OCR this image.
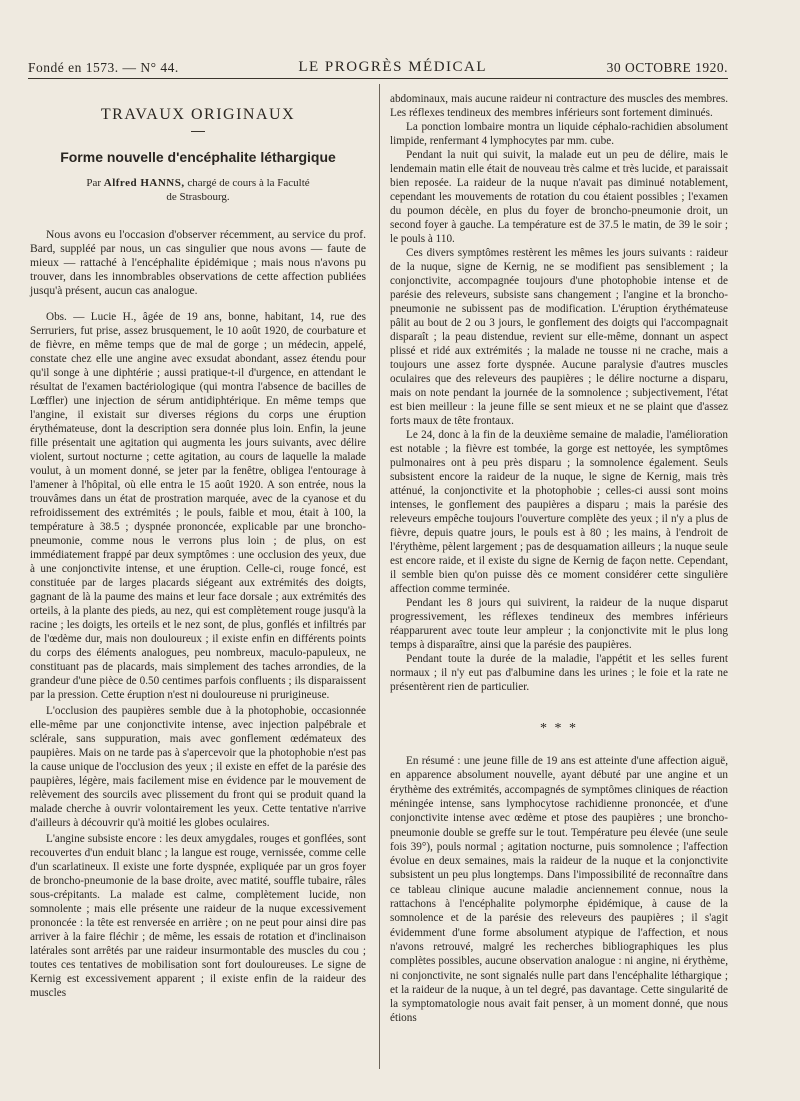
Fondé en 1573. — N° 44.	LE PROGRÈS MÉDICAL	30 OCTOBRE 1920.
TRAVAUX ORIGINAUX
Forme nouvelle d'encéphalite léthargique
Par Alfred HANNS, chargé de cours à la Faculté
de Strasbourg.

Nous avons eu l'occasion d'observer récemment, au service du prof. Bard, suppléé par nous, un cas singulier que nous avons — faute de mieux — rattaché à l'encéphalite épidémique ; mais nous n'avons pu trouver, dans les innombrables observations de cette affection publiées jusqu'à présent, aucun cas analogue.

Obs. — Lucie H., âgée de 19 ans, bonne, habitant, 14, rue des Serruriers, fut prise, assez brusquement, le 10 août 1920, de courbature et de fièvre, en même temps que de mal de gorge ; un médecin, appelé, constate chez elle une angine avec exsudat abondant, assez étendu pour qu'il songe à une diphtérie ; aussi pratique-t-il d'urgence, en attendant le résultat de l'examen bactériologique (qui montra l'absence de bacilles de Lœffler) une injection de sérum antidiphtérique. En même temps que l'angine, il existait sur diverses régions du corps une éruption érythémateuse, dont la description sera donnée plus loin. Enfin, la jeune fille présentait une agitation qui augmenta les jours suivants, avec délire violent, surtout nocturne ; cette agitation, au cours de laquelle la malade voulut, à un moment donné, se jeter par la fenêtre, obligea l'entourage à l'amener à l'hôpital, où elle entra le 15 août 1920. A son entrée, nous la trouvâmes dans un état de prostration marquée, avec de la cyanose et du refroidissement des extrémités ; le pouls, faible et mou, était à 100, la température à 38.5 ; dyspnée prononcée, explicable par une broncho-pneumonie, comme nous le verrons plus loin ; de plus, on est immédiatement frappé par deux symptômes : une occlusion des yeux, due à une conjonctivite intense, et une éruption. Celle-ci, rouge foncé, est constituée par de larges placards siégeant aux extrémités des doigts, gagnant de là la paume des mains et leur face dorsale ; aux extrémités des orteils, à la plante des pieds, au nez, qui est complètement rouge jusqu'à la racine ; les doigts, les orteils et le nez sont, de plus, gonflés et infiltrés par de l'œdème dur, mais non douloureux ; il existe enfin en différents points du corps des éléments analogues, peu nombreux, maculo-papuleux, ne constituant pas de placards, mais simplement des taches arrondies, de la grandeur d'une pièce de 0.50 centimes parfois confluents ; ils disparaissent par la pression. Cette éruption n'est ni douloureuse ni prurigineuse.

L'occlusion des paupières semble due à la photophobie, occasionnée elle-même par une conjonctivite intense, avec injection palpébrale et sclérale, sans suppuration, mais avec gonflement œdémateux des paupières. Mais on ne tarde pas à s'apercevoir que la photophobie n'est pas la cause unique de l'occlusion des yeux ; il existe en effet de la parésie des paupières, légère, mais facilement mise en évidence par le mouvement de relèvement des sourcils avec plissement du front qui se produit quand la malade cherche à ouvrir volontairement les yeux. Cette tentative n'arrive d'ailleurs à découvrir qu'à moitié les globes oculaires.

L'angine subsiste encore : les deux amygdales, rouges et gonflées, sont recouvertes d'un enduit blanc ; la langue est rouge, vernissée, comme celle d'un scarlatineux. Il existe une forte dyspnée, expliquée par un gros foyer de broncho-pneumonie de la base droite, avec matité, souffle tubaire, râles sous-crépitants. La malade est calme, complètement lucide, non somnolente ; mais elle présente une raideur de la nuque excessivement prononcée : la tête est renversée en arrière ; on ne peut pour ainsi dire pas arriver à la faire fléchir ; de même, les essais de rotation et d'inclinaison latérales sont arrêtés par une raideur insurmontable des muscles du cou ; toutes ces tentatives de mobilisation sont fort douloureuses. Le signe de Kernig est excessivement apparent ; il existe enfin de la raideur des muscles

abdominaux, mais aucune raideur ni contracture des muscles des membres. Les réflexes tendineux des membres inférieurs sont fortement diminués.

La ponction lombaire montra un liquide céphalo-rachidien absolument limpide, renfermant 4 lymphocytes par mm. cube.

Pendant la nuit qui suivit, la malade eut un peu de délire, mais le lendemain matin elle était de nouveau très calme et très lucide, et paraissait bien reposée. La raideur de la nuque n'avait pas diminué notablement, cependant les mouvements de rotation du cou étaient possibles ; l'examen du poumon décèle, en plus du foyer de broncho-pneumonie droit, un second foyer à gauche. La température est de 37.5 le matin, de 39 le soir ; le pouls à 110.

Ces divers symptômes restèrent les mêmes les jours suivants : raideur de la nuque, signe de Kernig, ne se modifient pas sensiblement ; la conjonctivite, accompagnée toujours d'une photophobie intense et de parésie des releveurs, subsiste sans changement ; l'angine et la broncho-pneumonie ne subissent pas de modification. L'éruption érythémateuse pâlit au bout de 2 ou 3 jours, le gonflement des doigts qui l'accompagnait disparaît ; la peau distendue, revient sur elle-même, donnant un aspect plissé et ridé aux extrémités ; la malade ne tousse ni ne crache, mais a toujours une assez forte dyspnée. Aucune paralysie d'autres muscles oculaires que des releveurs des paupières ; le délire nocturne a disparu, mais on note pendant la journée de la somnolence ; subjectivement, l'état est bien meilleur : la jeune fille se sent mieux et ne se plaint que d'assez forts maux de tête frontaux.

Le 24, donc à la fin de la deuxième semaine de maladie, l'amélioration est notable ; la fièvre est tombée, la gorge est nettoyée, les symptômes pulmonaires ont à peu près disparu ; la somnolence également. Seuls subsistent encore la raideur de la nuque, le signe de Kernig, mais très atténué, la conjonctivite et la photophobie ; celles-ci aussi sont moins intenses, le gonflement des paupières a disparu ; mais la parésie des releveurs empêche toujours l'ouverture complète des yeux ; il n'y a plus de fièvre, depuis quatre jours, le pouls est à 80 ; les mains, à l'endroit de l'érythème, pèlent largement ; pas de desquamation ailleurs ; la nuque seule est encore raide, et il existe du signe de Kernig de façon nette. Cependant, il semble bien qu'on puisse dès ce moment considérer cette singulière affection comme terminée.

Pendant les 8 jours qui suivirent, la raideur de la nuque disparut progressivement, les réflexes tendineux des membres inférieurs réapparurent avec toute leur ampleur ; la conjonctivite mit le plus long temps à disparaître, ainsi que la parésie des paupières.

Pendant toute la durée de la maladie, l'appétit et les selles furent normaux ; il n'y eut pas d'albumine dans les urines ; le foie et la rate ne présentèrent rien de particulier.

* * *

En résumé : une jeune fille de 19 ans est atteinte d'une affection aiguë, en apparence absolument nouvelle, ayant débuté par une angine et un érythème des extrémités, accompagnés de symptômes cliniques de réaction méningée intense, sans lymphocytose rachidienne prononcée, et d'une conjonctivite intense avec œdème et ptose des paupières ; une broncho-pneumonie double se greffe sur le tout. Température peu élevée (une seule fois 39°), pouls normal ; agitation nocturne, puis somnolence ; l'affection évolue en deux semaines, mais la raideur de la nuque et la conjonctivite subsistent un peu plus longtemps. Dans l'impossibilité de reconnaître dans ce tableau clinique aucune maladie anciennement connue, nous la rattachons à l'encéphalite polymorphe épidémique, à cause de la somnolence et de la parésie des releveurs des paupières ; il s'agit évidemment d'une forme absolument atypique de l'affection, et nous n'avons retrouvé, malgré les recherches bibliographiques les plus complètes possibles, aucune observation analogue : ni angine, ni érythème, ni conjonctivite, ne sont signalés nulle part dans l'encéphalite léthargique ; et la raideur de la nuque, à un tel degré, pas davantage. Cette singularité de la symptomatologie nous avait fait penser, à un moment donné, que nous étions
